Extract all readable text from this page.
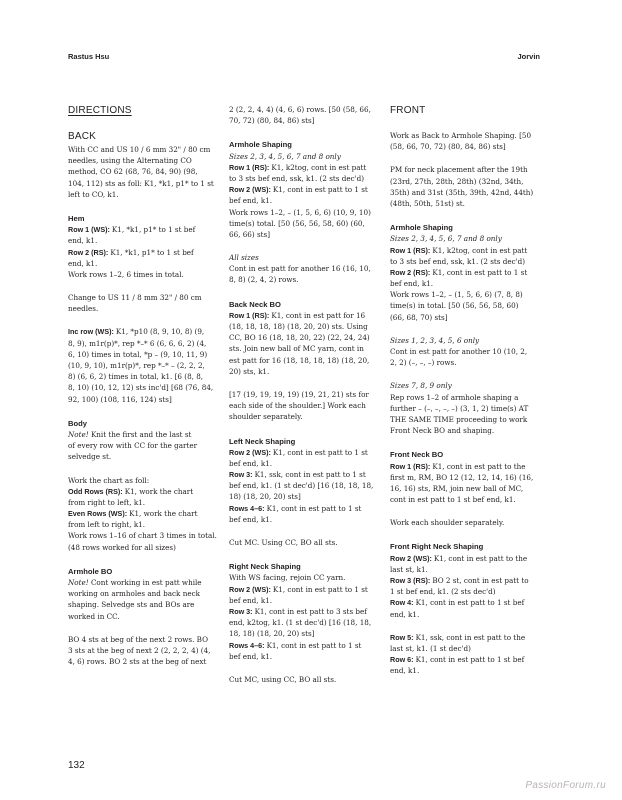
Rastus Hsu	Jorvin
DIRECTIONS
BACK
With CC and US 10 / 6 mm 32" / 80 cm
needles, using the Alternating CO
method, CO 62 (68, 76, 84, 90) (98,
104, 112) sts as foll: K1, *k1, p1* to 1 st
left to CO, k1.
Hem
Row 1 (WS): K1, *k1, p1* to 1 st bef
end, k1.
Row 2 (RS): K1, *k1, p1* to 1 st bef
end, k1.
Work rows 1–2, 6 times in total.
Change to US 11 / 8 mm 32" / 80 cm
needles.
Inc row (WS): K1, *p10 (8, 9, 10, 8) (9,
8, 9), m1r(p)*, rep *–* 6 (6, 6, 6, 2) (4,
6, 10) times in total, *p – (9, 10, 11, 9)
(10, 9, 10), m1r(p)*, rep *–* – (2, 2, 2,
8) (6, 6, 2) times in total, k1. [6 (8, 8,
8, 10) (10, 12, 12) sts inc'd] [68 (76, 84,
92, 100) (108, 116, 124) sts]
Body
Note! Knit the first and the last st
of every row with CC for the garter
selvedge st.
Work the chart as foll:
Odd Rows (RS): K1, work the chart
from right to left, k1.
Even Rows (WS): K1, work the chart
from left to right, k1.
Work rows 1–16 of chart 3 times in total.
(48 rows worked for all sizes)
Armhole BO
Note! Cont working in est patt while
working on armholes and back neck
shaping. Selvedge sts and BOs are
worked in CC.
BO 4 sts at beg of the next 2 rows. BO
3 sts at the beg of next 2 (2, 2, 2, 4) (4,
4, 6) rows. BO 2 sts at the beg of next
2 (2, 2, 4, 4) (4, 6, 6) rows. [50 (58, 66,
70, 72) (80, 84, 86) sts]
Armhole Shaping
Sizes 2, 3, 4, 5, 6, 7 and 8 only
Row 1 (RS): K1, k2tog, cont in est patt
to 3 sts bef end, ssk, k1. (2 sts dec'd)
Row 2 (WS): K1, cont in est patt to 1 st
bef end, k1.
Work rows 1–2, – (1, 5, 6, 6) (10, 9, 10)
time(s) total. [50 (56, 56, 58, 60) (60,
66, 66) sts]
All sizes
Cont in est patt for another 16 (16, 10,
8, 8) (2, 4, 2) rows.
Back Neck BO
Row 1 (RS): K1, cont in est patt for 16
(18, 18, 18, 18) (18, 20, 20) sts. Using
CC, BO 16 (18, 18, 20, 22) (22, 24, 24)
sts. Join new ball of MC yarn, cont in
est patt for 16 (18, 18, 18, 18) (18, 20,
20) sts, k1.
[17 (19, 19, 19, 19) (19, 21, 21) sts for
each side of the shoulder.] Work each
shoulder separately.
Left Neck Shaping
Row 2 (WS): K1, cont in est patt to 1 st
bef end, k1.
Row 3: K1, ssk, cont in est patt to 1 st
bef end, k1. (1 st dec'd) [16 (18, 18, 18,
18) (18, 20, 20) sts]
Rows 4–6: K1, cont in est patt to 1 st
bef end, k1.
Cut MC. Using CC, BO all sts.
Right Neck Shaping
With WS facing, rejoin CC yarn.
Row 2 (WS): K1, cont in est patt to 1 st
bef end, k1.
Row 3: K1, cont in est patt to 3 sts bef
end, k2tog, k1. (1 st dec'd) [16 (18, 18,
18, 18) (18, 20, 20) sts]
Rows 4–6: K1, cont in est patt to 1 st
bef end, k1.
Cut MC, using CC, BO all sts.
FRONT
Work as Back to Armhole Shaping. [50
(58, 66, 70, 72) (80, 84, 86) sts]
PM for neck placement after the 19th
(23rd, 27th, 28th, 28th) (32nd, 34th,
35th) and 31st (35th, 39th, 42nd, 44th)
(48th, 50th, 51st) st.
Armhole Shaping
Sizes 2, 3, 4, 5, 6, 7 and 8 only
Row 1 (RS): K1, k2tog, cont in est patt
to 3 sts bef end, ssk, k1. (2 sts dec'd)
Row 2 (RS): K1, cont in est patt to 1 st
bef end, k1.
Work rows 1–2, – (1, 5, 6, 6) (7, 8, 8)
time(s) in total. [50 (56, 56, 58, 60)
(66, 68, 70) sts]
Sizes 1, 2, 3, 4, 5, 6 only
Cont in est patt for another 10 (10, 2,
2, 2) (–, –, –) rows.
Sizes 7, 8, 9 only
Rep rows 1–2 of armhole shaping a
further – (–, –, –, –) (3, 1, 2) time(s) AT
THE SAME TIME proceeding to work
Front Neck BO and shaping.
Front Neck BO
Row 1 (RS): K1, cont in est patt to the
first m, RM, BO 12 (12, 12, 14, 16) (16,
16, 16) sts, RM, join new ball of MC,
cont in est patt to 1 st bef end, k1.
Work each shoulder separately.
Front Right Neck Shaping
Row 2 (WS): K1, cont in est patt to the
last st, k1.
Row 3 (RS): BO 2 st, cont in est patt to
1 st bef end, k1. (2 sts dec'd)
Row 4: K1, cont in est patt to 1 st bef
end, k1.
Row 5: K1, ssk, cont in est patt to the
last st, k1. (1 st dec'd)
Row 6: K1, cont in est patt to 1 st bef
end, k1.
132
PassionForum.ru
